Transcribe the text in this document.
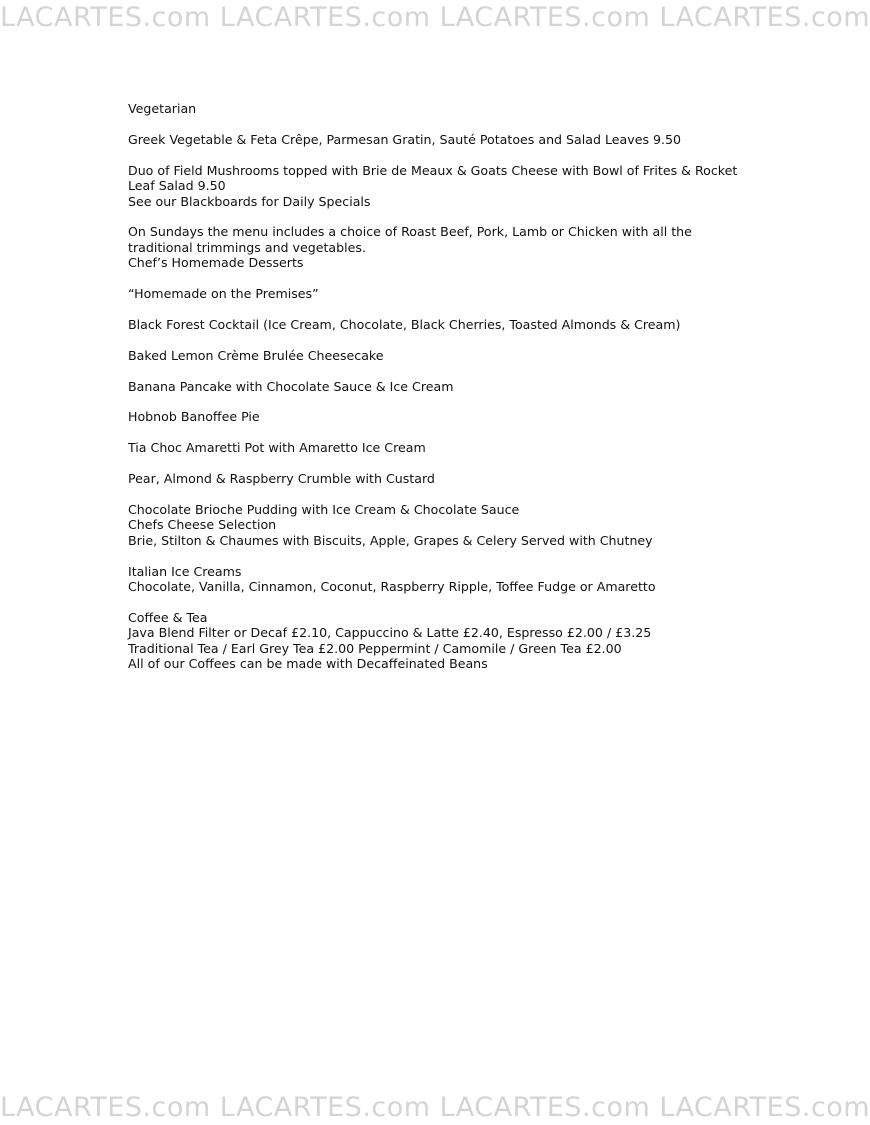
LACARTES.com LACARTES.com LACARTES.com LACARTES.com

Vegetarian

Greek Vegetable & Feta Crêpe, Parmesan Gratin, Sauté Potatoes and Salad Leaves 9.50

Duo of Field Mushrooms topped with Brie de Meaux & Goats Cheese with Bowl of Frites & Rocket Leaf Salad 9.50

See our Blackboards for Daily Specials

On Sundays the menu includes a choice of Roast Beef, Pork, Lamb or Chicken with all the traditional trimmings and vegetables.

Chef’s Homemade Desserts

“Homemade on the Premises”

Black Forest Cocktail (Ice Cream, Chocolate, Black Cherries, Toasted Almonds & Cream)

Baked Lemon Crème Brulée Cheesecake

Banana Pancake with Chocolate Sauce & Ice Cream

Hobnob Banoffee Pie

Tia Choc Amaretti Pot with Amaretto Ice Cream

Pear, Almond & Raspberry Crumble with Custard

Chocolate Brioche Pudding with Ice Cream & Chocolate Sauce

Chefs Cheese Selection

Brie, Stilton & Chaumes with Biscuits, Apple, Grapes & Celery Served with Chutney

Italian Ice Creams

Chocolate, Vanilla, Cinnamon, Coconut, Raspberry Ripple, Toffee Fudge or Amaretto

Coffee & Tea

Java Blend Filter or Decaf £2.10, Cappuccino & Latte £2.40, Espresso £2.00 / £3.25

Traditional Tea / Earl Grey Tea £2.00 Peppermint / Camomile / Green Tea £2.00

All of our Coffees can be made with Decaffeinated Beans

LACARTES.com LACARTES.com LACARTES.com LACARTES.com
